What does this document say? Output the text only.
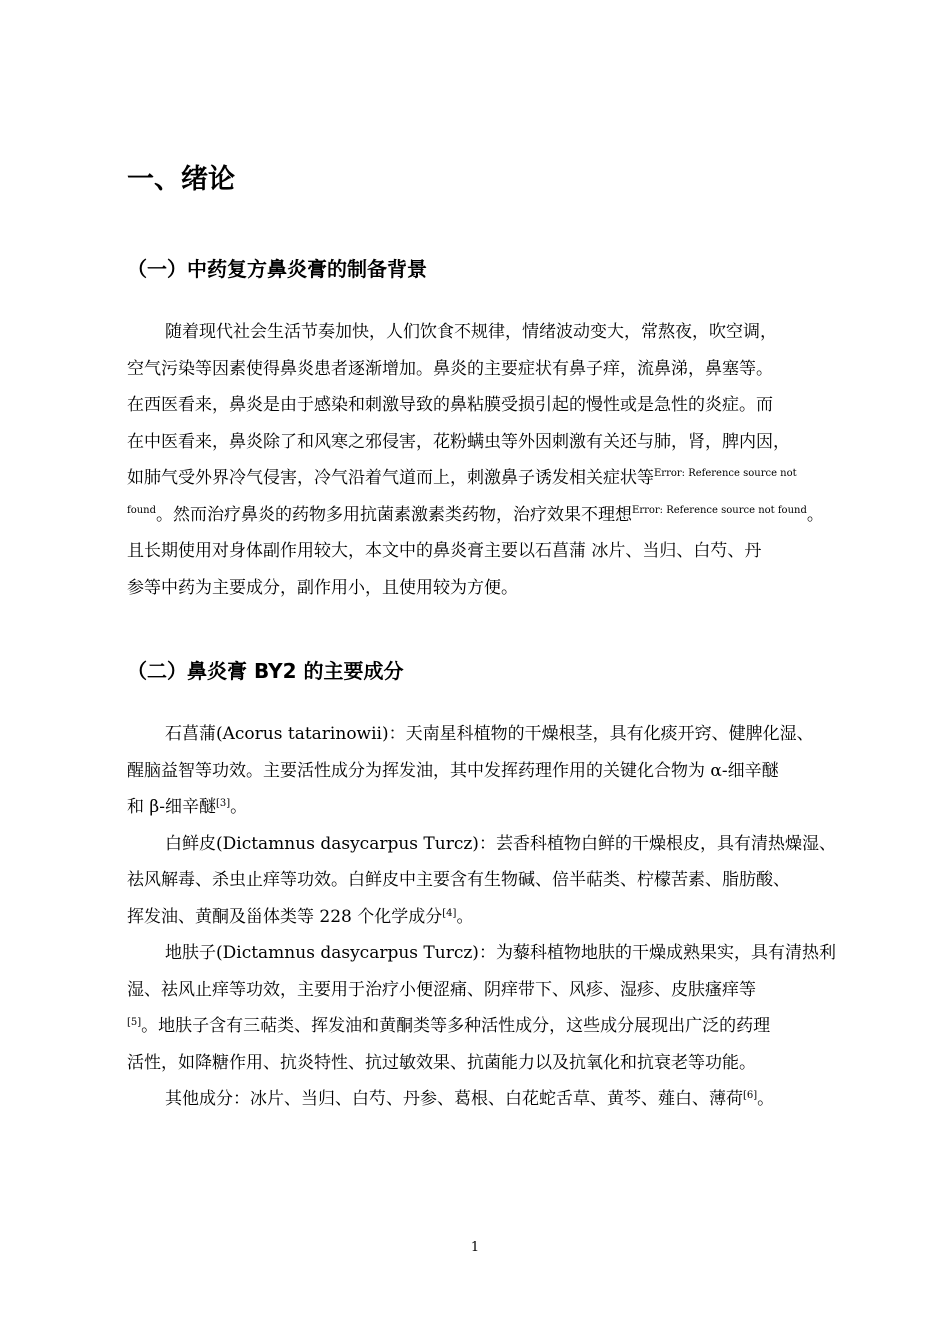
一、绪论
（一）中药复方鼻炎膏的制备背景
随着现代社会生活节奏加快，人们饮食不规律，情绪波动变大，常熬夜，吹空调，
空气污染等因素使得鼻炎患者逐渐增加。鼻炎的主要症状有鼻子痒，流鼻涕，鼻塞等。
在西医看来，鼻炎是由于感染和刺激导致的鼻粘膜受损引起的慢性或是急性的炎症。而
在中医看来，鼻炎除了和风寒之邪侵害，花粉螨虫等外因刺激有关还与肺，肾，脾内因，
如肺气受外界冷气侵害，冷气沿着气道而上，刺激鼻子诱发相关症状等$^{Error: Reference source not}$
$^{found}$。然而治疗鼻炎的药物多用抗菌素激素类药物，治疗效果不理想$^{Error: Reference source not found}$。
且长期使用对身体副作用较大，本文中的鼻炎膏主要以石菖蒲 冰片、当归、白芍、丹
参等中药为主要成分，副作用小，且使用较为方便。
（二）鼻炎膏 BY2 的主要成分
石菖蒲(Acorus tatarinowii)：天南星科植物的干燥根茎，具有化痰开窍、健脾化湿、
醒脑益智等功效。主要活性成分为挥发油，其中发挥药理作用的关键化合物为 α-细辛醚
和 β-细辛醚[3]。
白鲜皮(Dictamnus dasycarpus Turcz)：芸香科植物白鲜的干燥根皮，具有清热燥湿、
祛风解毒、杀虫止痒等功效。白鲜皮中主要含有生物碱、倍半萜类、柠檬苦素、脂肪酸、
挥发油、黄酮及甾体类等 228 个化学成分[4]。
地肤子(Dictamnus dasycarpus Turcz)：为藜科植物地肤的干燥成熟果实，具有清热利
湿、祛风止痒等功效，主要用于治疗小便涩痛、阴痒带下、风疹、湿疹、皮肤瘙痒等
[5]。地肤子含有三萜类、挥发油和黄酮类等多种活性成分，这些成分展现出广泛的药理
活性，如降糖作用、抗炎特性、抗过敏效果、抗菌能力以及抗氧化和抗衰老等功能。
其他成分：冰片、当归、白芍、丹参、葛根、白花蛇舌草、黄芩、薤白、薄荷[6]。
1
